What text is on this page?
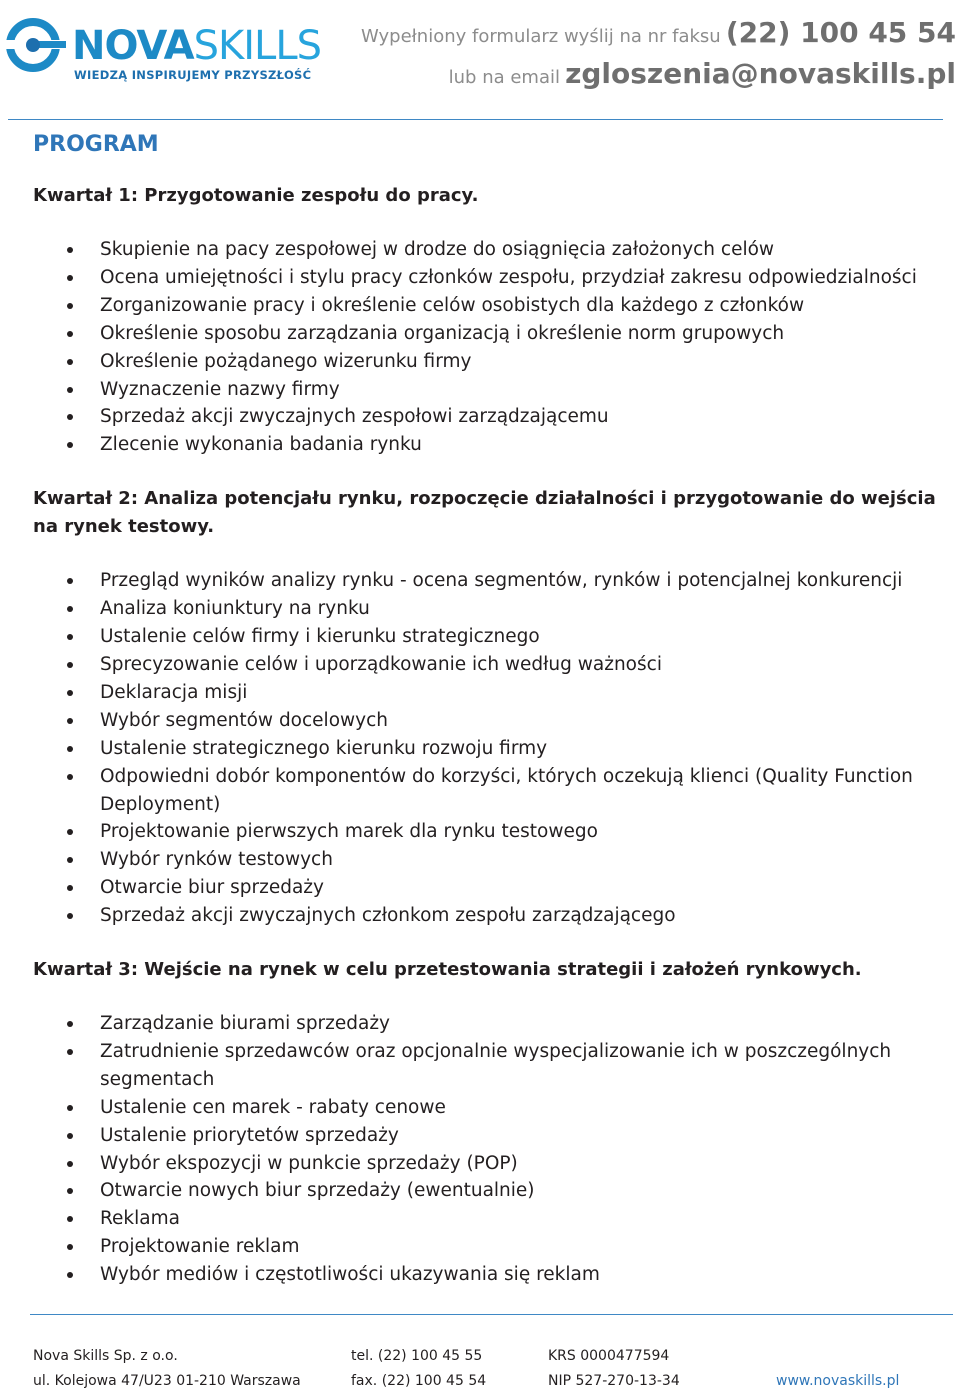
NOVASKILLS
WIEDZĄ INSPIRUJEMY PRZYSZŁOŚĆ
Wypełniony formularz wyślij na nr faksu (22) 100 45 54
lub na email zgloszenia@novaskills.pl
PROGRAM

Kwartał 1: Przygotowanie zespołu do pracy.

Skupienie na pacy zespołowej w drodze do osiągnięcia założonych celów
Ocena umiejętności i stylu pracy członków zespołu, przydział zakresu odpowiedzialności
Zorganizowanie pracy i określenie celów osobistych dla każdego z członków
Określenie sposobu zarządzania organizacją i określenie norm grupowych
Określenie pożądanego wizerunku firmy
Wyznaczenie nazwy firmy
Sprzedaż akcji zwyczajnych zespołowi zarządzającemu
Zlecenie wykonania badania rynku

Kwartał 2: Analiza potencjału rynku, rozpoczęcie działalności i przygotowanie do wejścia na rynek testowy.

Przegląd wyników analizy rynku - ocena segmentów, rynków i potencjalnej konkurencji
Analiza koniunktury na rynku
Ustalenie celów firmy i kierunku strategicznego
Sprecyzowanie celów i uporządkowanie ich według ważności
Deklaracja misji
Wybór segmentów docelowych
Ustalenie strategicznego kierunku rozwoju firmy
Odpowiedni dobór komponentów do korzyści, których oczekują klienci (Quality Function Deployment)
Projektowanie pierwszych marek dla rynku testowego
Wybór rynków testowych
Otwarcie biur sprzedaży
Sprzedaż akcji zwyczajnych członkom zespołu zarządzającego

Kwartał 3: Wejście na rynek w celu przetestowania strategii i założeń rynkowych.

Zarządzanie biurami sprzedaży
Zatrudnienie sprzedawców oraz opcjonalnie wyspecjalizowanie ich w poszczególnych segmentach
Ustalenie cen marek - rabaty cenowe
Ustalenie priorytetów sprzedaży
Wybór ekspozycji w punkcie sprzedaży (POP)
Otwarcie nowych biur sprzedaży (ewentualnie)
Reklama
Projektowanie reklam
Wybór mediów i częstotliwości ukazywania się reklam
Nova Skills Sp. z o.o.
ul. Kolejowa 47/U23 01-210 Warszawa
tel. (22) 100 45 55
fax. (22) 100 45 54
KRS 0000477594
NIP 527-270-13-34	www.novaskills.pl
